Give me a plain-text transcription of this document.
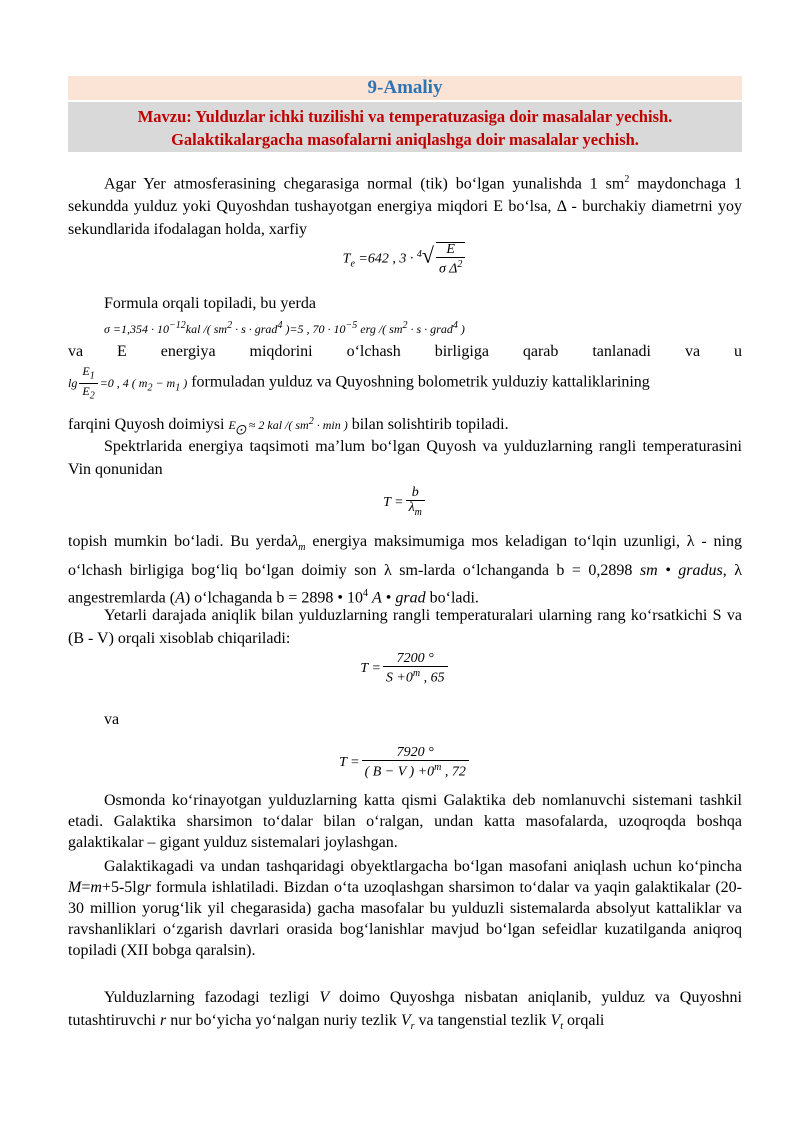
9-Amaliy
Mavzu: Yulduzlar ichki tuzilishi va temperatuzasiga doir masalalar yechish.
Galaktikalargacha masofalarni aniqlashga doir masalalar yechish.
Agar Yer atmosferasining chegarasiga normal (tik) bo‘lgan yunalishda 1 $sm^2$ maydonchaga 1 sekundda yulduz yoki Quyoshdan tushayotgan energiya miqdori E bo‘lsa, Δ - burchakiy diametrni yoy sekundlarida ifodalagan holda, xarfiy
$T_e =642$ , $3 \cdot ^4√ \frac{E}{\sigma \Delta^2}$
Formula orqali topiladi, bu yerda
$\sigma =1,354 \cdot 10^{-12}kal$ /( $sm^2 \cdot s$ · grad$^4$ )=5 , $70 \cdot 10^{-5}$ erg /( $sm^2 \cdot s$ · grad$^4$ )
va E energiya miqdorini o‘lchash birligiga qarab tanlanadi va u
$\lg \frac{E_1}{E_2} =0$ , 4 ( $m_2 - m_1$ ) formuladan yulduz va Quyoshning bolometrik yulduziy kattaliklarining
farqini Quyosh doimiysi $E_⨀ \approx 2$ kal /( $sm^2 \cdot \min$ ) bilan solishtirib topiladi.
Spektrlarida energiya taqsimoti ma’lum bo‘lgan Quyosh va yulduzlarning rangli temperaturasini Vin qonunidan
$T = \frac{b}{\lambda_m}$
topish mumkin bo‘ladi. Bu yerdaλ$_m$ energiya maksimumiga mos keladigan to‘lqin uzunligi, λ - ning o‘lchash birligiga bog‘liq bo‘lgan doimiy son λ sm-larda o‘lchanganda b = 0,2898 sm • gradus, λ angestremlarda (A) o‘lchaganda b = 2898 • $10^4$ A • grad bo‘ladi.
Yetarli darajada aniqlik bilan yulduzlarning rangli temperaturalari ularning rang ko‘rsatkichi S va (B - V) orqali xisoblab chiqariladi:
$T = \frac{7200 ^\circ}{S +0^m , 65}$
va
$T = \frac{7920 ^\circ}{( B - V ) +0^m , 72}$
Osmonda ko‘rinayotgan yulduzlarning katta qismi Galaktika deb nomlanuvchi sistemani tashkil etadi. Galaktika sharsimon to‘dalar bilan o‘ralgan, undan katta masofalarda, uzoqroqda boshqa galaktikalar – gigant yulduz sistemalari joylashgan.
Galaktikagadi va undan tashqaridagi obyektlargacha bo‘lgan masofani aniqlash uchun ko‘pincha M=m+5-5lgr formula ishlatiladi. Bizdan o‘ta uzoqlashgan sharsimon to‘dalar va yaqin galaktikalar (20-30 million yorug‘lik yil chegarasida) gacha masofalar bu yulduzli sistemalarda absolyut kattaliklar va ravshanliklari o‘zgarish davrlari orasida bog‘lanishlar mavjud bo‘lgan sefeidlar kuzatilganda aniqroq topiladi (XII bobga qaralsin).
Yulduzlarning fazodagi tezligi V doimo Quyoshga nisbatan aniqlanib, yulduz va Quyoshni tutashtiruvchi r nur bo‘yicha yo‘nalgan nuriy tezlik $V_r$ va tangenstial tezlik $V_t$ orqali
